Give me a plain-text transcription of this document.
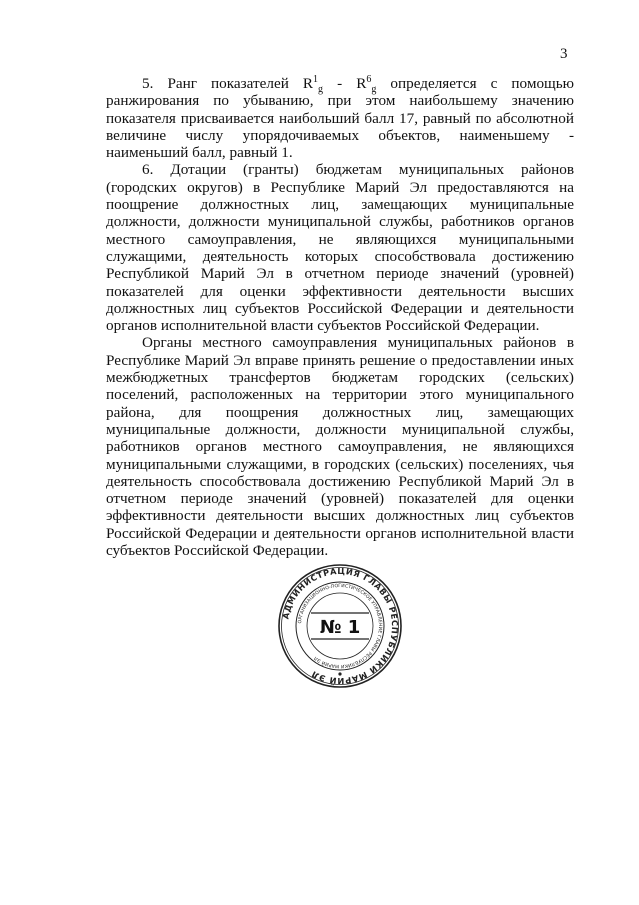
3

5. Ранг показателей $R^1_g - R^6_g$ определяется с помощью ранжирования по убыванию, при этом наибольшему значению показателя присваивается наибольший балл 17, равный по абсолютной величине числу упорядочиваемых объектов, наименьшему - наименьший балл, равный 1.

6. Дотации (гранты) бюджетам муниципальных районов (городских округов) в Республике Марий Эл предоставляются на поощрение должностных лиц, замещающих муниципальные должности, должности муниципальной службы, работников органов местного самоуправления, не являющихся муниципальными служащими, деятельность которых способствовала достижению Республикой Марий Эл в отчетном периоде значений (уровней) показателей для оценки эффективности деятельности высших должностных лиц субъектов Российской Федерации и деятельности органов исполнительной власти субъектов Российской Федерации.

Органы местного самоуправления муниципальных районов в Республике Марий Эл вправе принять решение о предоставлении иных межбюджетных трансфертов бюджетам городских (сельских) поселений, расположенных на территории этого муниципального района, для поощрения должностных лиц, замещающих муниципальные должности, должности муниципальной службы, работников органов местного самоуправления, не являющихся муниципальными служащими, в городских (сельских) поселениях, чья деятельность способствовала достижению Республикой Марий Эл в отчетном периоде значений (уровней) показателей для оценки эффективности деятельности высших должностных лиц субъектов Российской Федерации и деятельности органов исполнительной власти субъектов Российской Федерации.

АДМИНИСТРАЦИЯ ГЛАВЫ РЕСПУБЛИКИ МАРИЙ ЭЛ
ОРГАНИЗАЦИОННО-ЛОГИСТИЧЕСКОЕ УПРАВЛЕНИЕ ГЛАВЫ РЕСПУБЛИКИ МАРИЙ ЭЛ
№ 1
